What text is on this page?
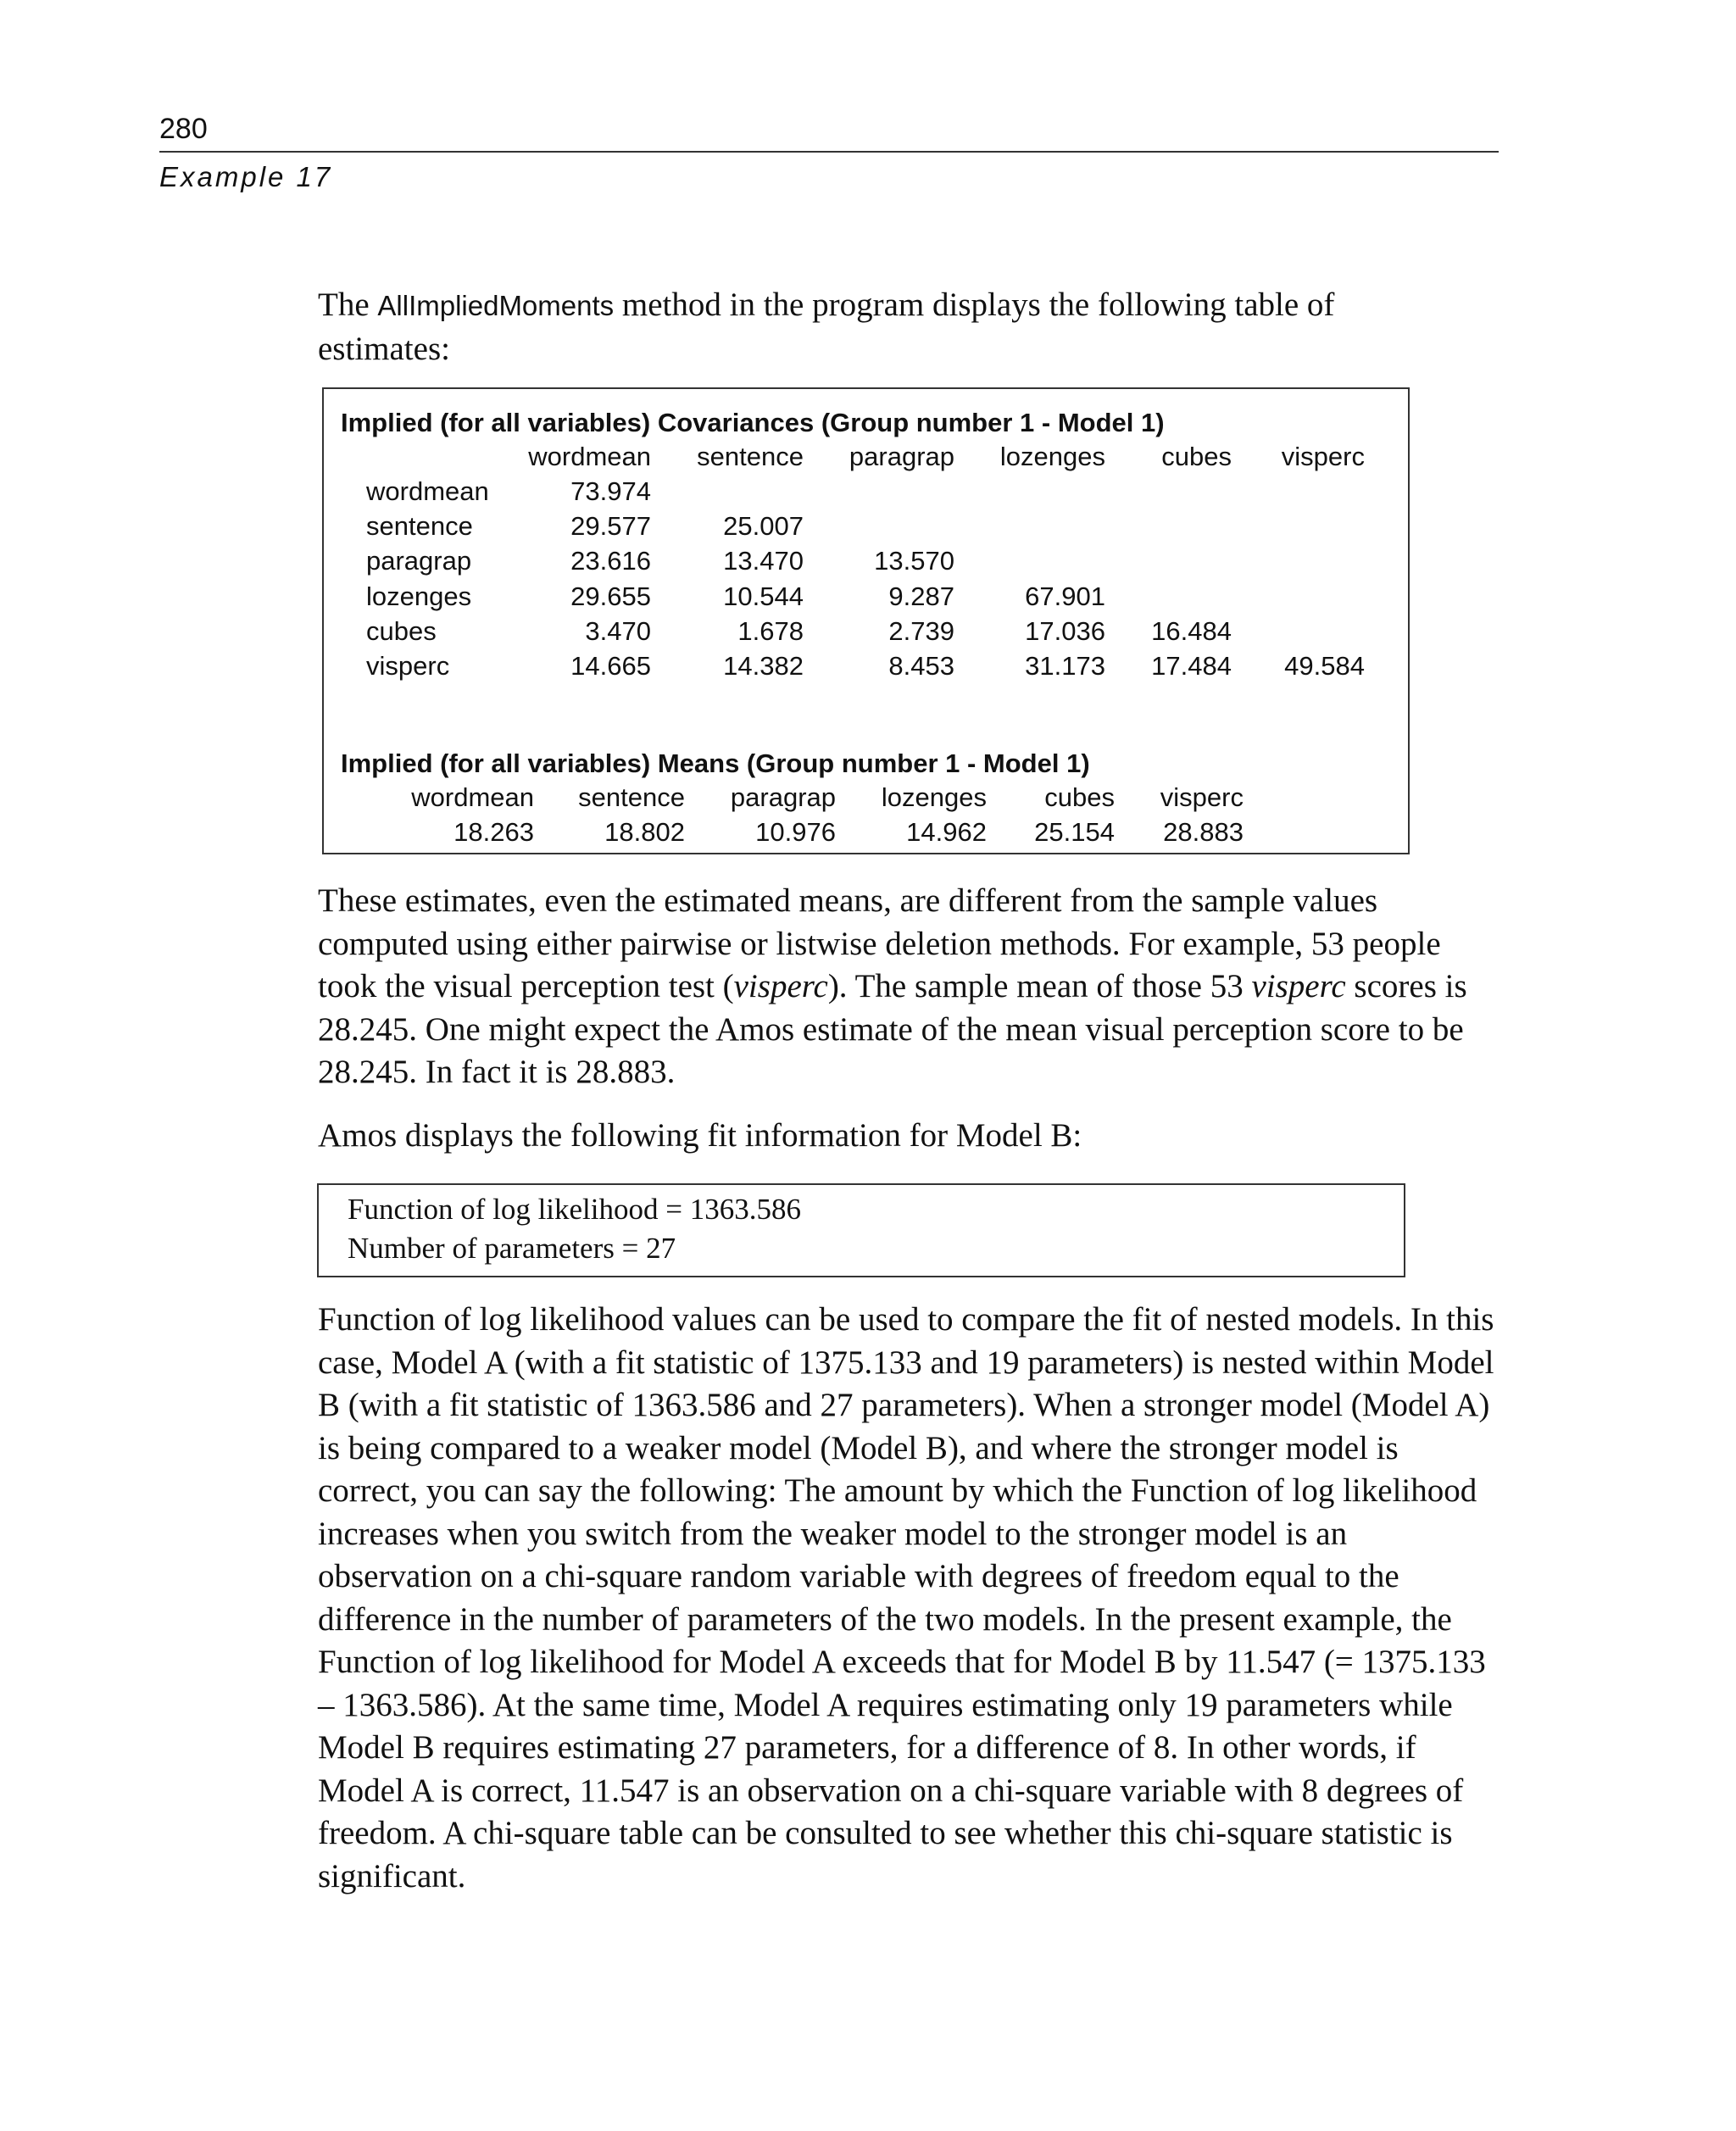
280
Example 17

The AllImpliedMoments method in the program displays the following table of estimates:

Implied (for all variables) Covariances (Group number 1 - Model 1)
wordmean	sentence	paragrap	lozenges	cubes	visperc
wordmean	73.974
sentence	29.577	25.007
paragrap	23.616	13.470	13.570
lozenges	29.655	10.544	9.287	67.901
cubes	3.470	1.678	2.739	17.036	16.484
visperc	14.665	14.382	8.453	31.173	17.484	49.584
Implied (for all variables) Means (Group number 1 - Model 1)
wordmean	sentence	paragrap	lozenges	cubes	visperc
18.263	18.802	10.976	14.962	25.154	28.883

These estimates, even the estimated means, are different from the sample values computed using either pairwise or listwise deletion methods. For example, 53 people took the visual perception test (visperc). The sample mean of those 53 visperc scores is 28.245. One might expect the Amos estimate of the mean visual perception score to be 28.245. In fact it is 28.883.

Amos displays the following fit information for Model B:

Function of log likelihood = 1363.586
Number of parameters = 27

Function of log likelihood values can be used to compare the fit of nested models. In this case, Model A (with a fit statistic of 1375.133 and 19 parameters) is nested within Model B (with a fit statistic of 1363.586 and 27 parameters). When a stronger model (Model A) is being compared to a weaker model (Model B), and where the stronger model is correct, you can say the following: The amount by which the Function of log likelihood increases when you switch from the weaker model to the stronger model is an observation on a chi-square random variable with degrees of freedom equal to the difference in the number of parameters of the two models. In the present example, the Function of log likelihood for Model A exceeds that for Model B by 11.547 (= 1375.133 – 1363.586). At the same time, Model A requires estimating only 19 parameters while Model B requires estimating 27 parameters, for a difference of 8. In other words, if Model A is correct, 11.547 is an observation on a chi-square variable with 8 degrees of freedom. A chi-square table can be consulted to see whether this chi-square statistic is significant.
